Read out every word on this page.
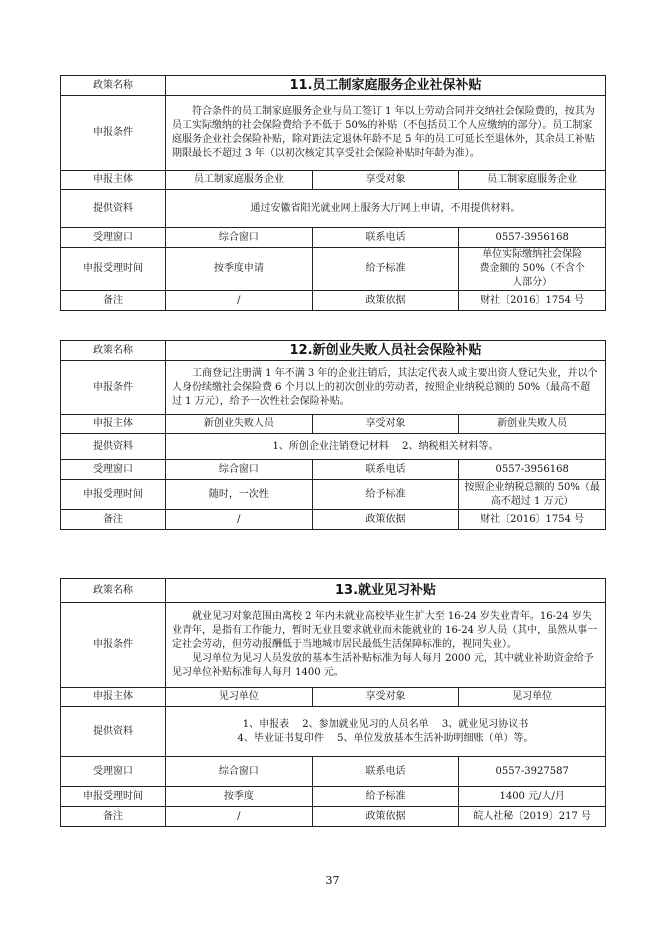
政策名称	11.员工制家庭服务企业社保补贴		
申报条件	符合条件的员工制家庭服务企业与员工签订 1 年以上劳动合同并交纳社会保险费的，按其为员工实际缴纳的社会保险费给予不低于 50%的补贴（不包括员工个人应缴纳的部分）。员工制家庭服务企业社会保险补贴，除对距法定退休年龄不足 5 年的员工可延长至退休外，其余员工补贴期限最长不超过 3 年（以初次核定其享受社会保险补贴时年龄为准）。		
申报主体	员工制家庭服务企业	享受对象	员工制家庭服务企业
提供资料	通过安徽省阳光就业网上服务大厅网上申请，不用提供材料。		
受理窗口	综合窗口	联系电话	0557-3956168
申报受理时间	按季度申请	给予标准	单位实际缴纳社会保险费金额的 50%（不含个人部分）
备注	/	政策依据	财社〔2016〕1754 号
政策名称	12.新创业失败人员社会保险补贴		
申报条件	工商登记注册满 1 年不满 3 年的企业注销后，其法定代表人或主要出资人登记失业，并以个人身份续缴社会保险费 6 个月以上的初次创业的劳动者，按照企业纳税总额的 50%（最高不超过 1 万元），给予一次性社会保险补贴。		
申报主体	新创业失败人员	享受对象	新创业失败人员
提供资料	1、所创企业注销登记材料　 2、纳税相关材料等。		
受理窗口	综合窗口	联系电话	0557-3956168
申报受理时间	随时，一次性	给予标准	按照企业纳税总额的 50%（最高不超过 1 万元）
备注	/	政策依据	财社〔2016〕1754 号
政策名称	13.就业见习补贴		
申报条件	就业见习对象范围由离校 2 年内未就业高校毕业生扩大至 16-24 岁失业青年。16-24 岁失业青年，是指有工作能力，暂时无业且要求就业而未能就业的 16-24 岁人员（其中，虽然从事一定社会劳动，但劳动报酬低于当地城市居民最低生活保障标准的，视同失业）。
见习单位为见习人员发放的基本生活补贴标准为每人每月 2000 元，其中就业补助资金给予见习单位补贴标准每人每月 1400 元。		

申报主体	见习单位	享受对象	见习单位
提供资料	1、申报表　 2、参加就业见习的人员名单　 3、就业见习协议书
4、毕业证书复印件　 5、单位发放基本生活补助明细账（单）等。		

受理窗口	综合窗口	联系电话	0557-3927587
申报受理时间	按季度	给予标准	1400 元/人/月
备注	/	政策依据	皖人社秘〔2019〕217 号
37
